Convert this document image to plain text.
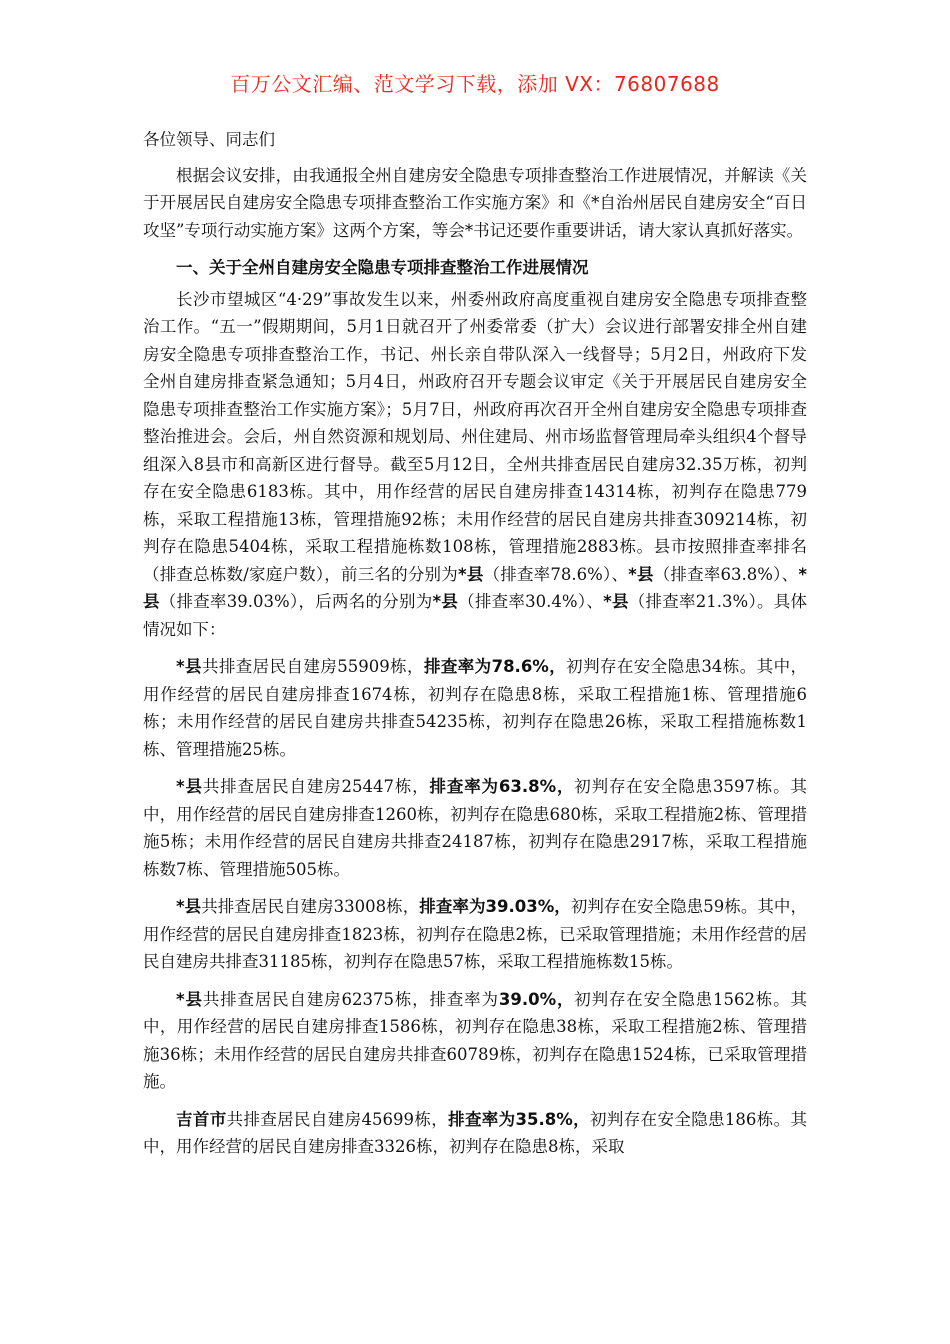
百万公文汇编、范文学习下载，添加 VX：76807688

各位领导、同志们

根据会议安排，由我通报全州自建房安全隐患专项排查整治工作进展情况，并解读《关于开展居民自建房安全隐患专项排查整治工作实施方案》和《*自治州居民自建房安全“百日攻坚”专项行动实施方案》这两个方案，等会*书记还要作重要讲话，请大家认真抓好落实。

一、关于全州自建房安全隐患专项排查整治工作进展情况

长沙市望城区“4·29”事故发生以来，州委州政府高度重视自建房安全隐患专项排查整治工作。“五一”假期期间，5月1日就召开了州委常委（扩大）会议进行部署安排全州自建房安全隐患专项排查整治工作，书记、州长亲自带队深入一线督导；5月2日，州政府下发全州自建房排查紧急通知；5月4日，州政府召开专题会议审定《关于开展居民自建房安全隐患专项排查整治工作实施方案》；5月7日，州政府再次召开全州自建房安全隐患专项排查整治推进会。会后，州自然资源和规划局、州住建局、州市场监督管理局牵头组织4个督导组深入8县市和高新区进行督导。截至5月12日，全州共排查居民自建房32.35万栋，初判存在安全隐患6183栋。其中，用作经营的居民自建房排查14314栋，初判存在隐患779栋，采取工程措施13栋，管理措施92栋；未用作经营的居民自建房共排查309214栋，初判存在隐患5404栋，采取工程措施栋数108栋，管理措施2883栋。县市按照排查率排名（排查总栋数/家庭户数），前三名的分别为*县（排查率78.6%）、*县（排查率63.8%）、*县（排查率39.03%），后两名的分别为*县（排查率30.4%）、*县（排查率21.3%）。具体情况如下：

*县共排查居民自建房55909栋，排查率为78.6%，初判存在安全隐患34栋。其中，用作经营的居民自建房排查1674栋，初判存在隐患8栋，采取工程措施1栋、管理措施6栋；未用作经营的居民自建房共排查54235栋，初判存在隐患26栋，采取工程措施栋数1栋、管理措施25栋。

*县共排查居民自建房25447栋，排查率为63.8%，初判存在安全隐患3597栋。其中，用作经营的居民自建房排查1260栋，初判存在隐患680栋，采取工程措施2栋、管理措施5栋；未用作经营的居民自建房共排查24187栋，初判存在隐患2917栋，采取工程措施栋数7栋、管理措施505栋。

*县共排查居民自建房33008栋，排查率为39.03%，初判存在安全隐患59栋。其中，用作经营的居民自建房排查1823栋，初判存在隐患2栋，已采取管理措施；未用作经营的居民自建房共排查31185栋，初判存在隐患57栋，采取工程措施栋数15栋。

*县共排查居民自建房62375栋，排查率为39.0%，初判存在安全隐患1562栋。其中，用作经营的居民自建房排查1586栋，初判存在隐患38栋，采取工程措施2栋、管理措施36栋；未用作经营的居民自建房共排查60789栋，初判存在隐患1524栋，已采取管理措施。

吉首市共排查居民自建房45699栋，排查率为35.8%，初判存在安全隐患186栋。其中，用作经营的居民自建房排查3326栋，初判存在隐患8栋，采取
